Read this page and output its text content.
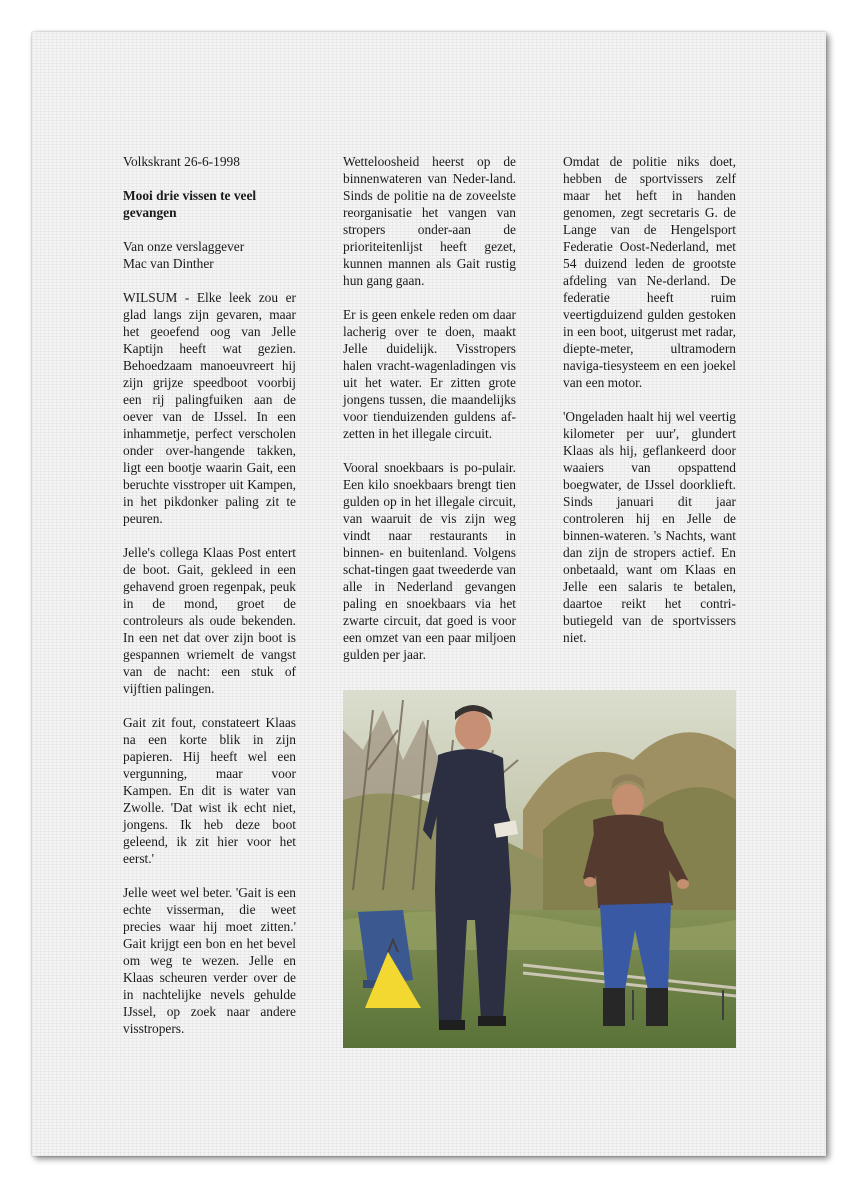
Volkskrant 26-6-1998

Mooi drie vissen te veel gevangen

Van onze verslaggever
Mac van Dinther

WILSUM - Elke leek zou er glad langs zijn gevaren, maar het geoefend oog van Jelle Kaptijn heeft wat gezien. Behoedzaam manoeuvreert hij zijn grijze speedboot voorbij een rij palingfuiken aan de oever van de IJssel. In een inhammetje, perfect verscholen onder over-hangende takken, ligt een bootje waarin Gait, een beruchte visstroper uit Kampen, in het pikdonker paling zit te peuren.

Jelle's collega Klaas Post entert de boot. Gait, gekleed in een gehavend groen regenpak, peuk in de mond, groet de controleurs als oude bekenden. In een net dat over zijn boot is gespannen wriemelt de vangst van de nacht: een stuk of vijftien palingen.

Gait zit fout, constateert Klaas na een korte blik in zijn papieren. Hij heeft wel een vergunning, maar voor Kampen. En dit is water van Zwolle. 'Dat wist ik echt niet, jongens. Ik heb deze boot geleend, ik zit hier voor het eerst.'

Jelle weet wel beter. 'Gait is een echte visserman, die weet precies waar hij moet zitten.' Gait krijgt een bon en het bevel om weg te wezen. Jelle en Klaas scheuren verder over de in nachtelijke nevels gehulde IJssel, op zoek naar andere visstropers.

Wetteloosheid heerst op de binnenwateren van Neder-land. Sinds de politie na de zoveelste reorganisatie het vangen van stropers onder-aan de prioriteitenlijst heeft gezet, kunnen mannen als Gait rustig hun gang gaan.

Er is geen enkele reden om daar lacherig over te doen, maakt Jelle duidelijk. Visstropers halen vracht-wagenladingen vis uit het water. Er zitten grote jongens tussen, die maandelijks voor tienduizenden guldens af-zetten in het illegale circuit.

Vooral snoekbaars is po-pulair. Een kilo snoekbaars brengt tien gulden op in het illegale circuit, van waaruit de vis zijn weg vindt naar restaurants in binnen- en buitenland. Volgens schat-tingen gaat tweederde van alle in Nederland gevangen paling en snoekbaars via het zwarte circuit, dat goed is voor een omzet van een paar miljoen gulden per jaar.

Omdat de politie niks doet, hebben de sportvissers zelf maar het heft in handen genomen, zegt secretaris G. de Lange van de Hengelsport Federatie Oost-Nederland, met 54 duizend leden de grootste afdeling van Ne-derland. De federatie heeft ruim veertigduizend gulden gestoken in een boot, uitgerust met radar, diepte-meter, ultramodern naviga-tiesysteem en een joekel van een motor.

'Ongeladen haalt hij wel veertig kilometer per uur', glundert Klaas als hij, geflankeerd door waaiers van opspattend boegwater, de IJssel doorklieft. Sinds januari dit jaar controleren hij en Jelle de binnen-wateren. 's Nachts, want dan zijn de stropers actief. En onbetaald, want om Klaas en Jelle een salaris te betalen, daartoe reikt het contri-butiegeld van de sportvissers niet.
